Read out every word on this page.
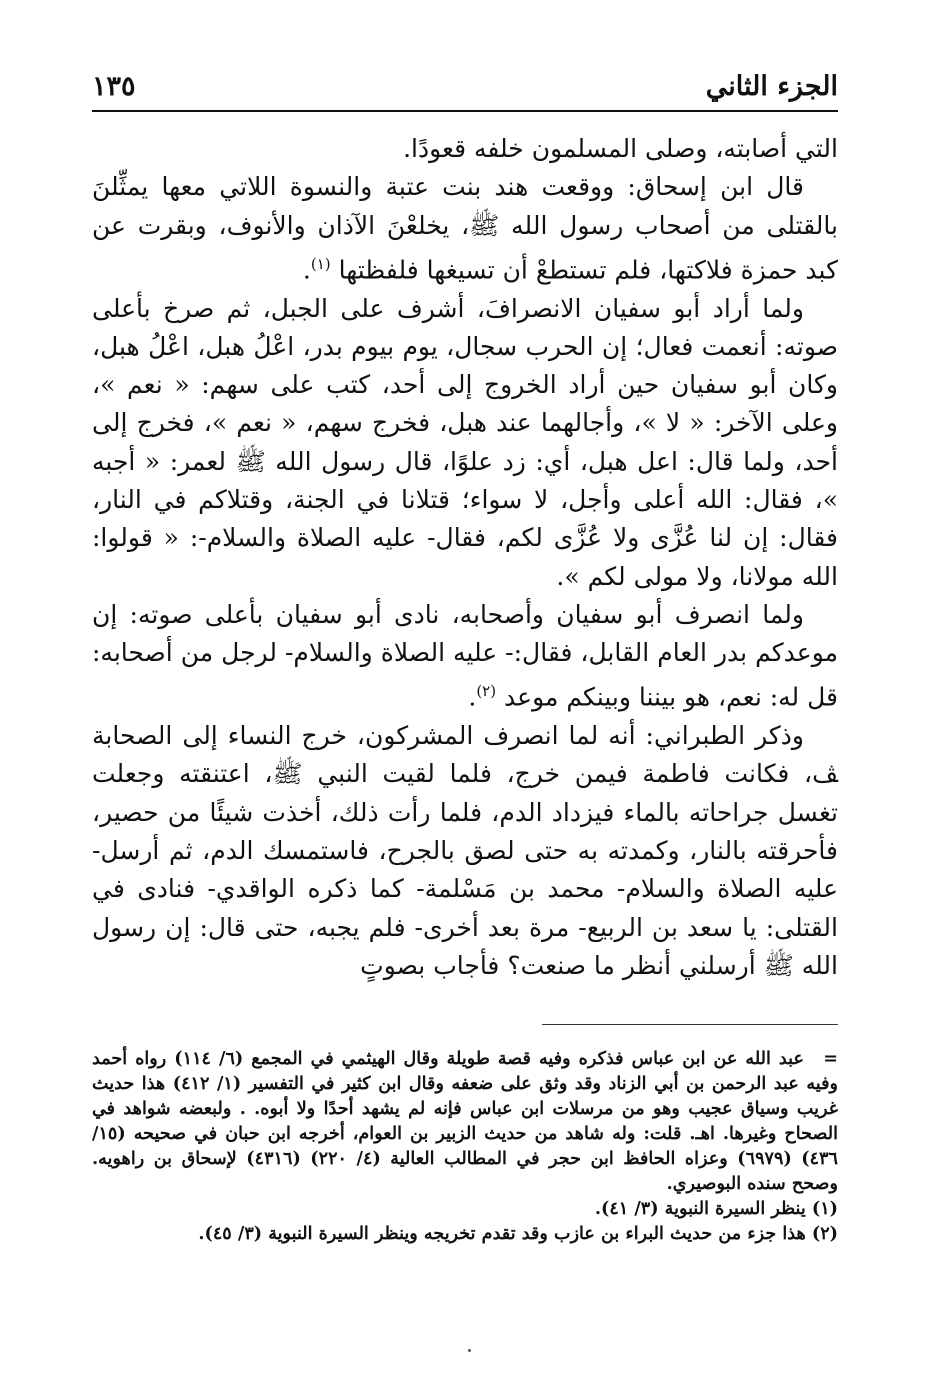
الجزء الثاني
١٣٥

التي أصابته، وصلى المسلمون خلفه قعودًا.

قال ابن إسحاق: ووقعت هند بنت عتبة والنسوة اللاتي معها يمثِّلنَ بالقتلى من أصحاب رسول الله ﷺ، يخلعْنَ الآذان والأنوف، وبقرت عن كبد حمزة فلاكتها، فلم تستطعْ أن تسيغها فلفظتها $^{(١)}$.

ولما أراد أبو سفيان الانصرافَ، أشرف على الجبل، ثم صرخ بأعلى صوته: أنعمت فعال؛ إن الحرب سجال، يوم بيوم بدر، اعْلُ هبل، اعْلُ هبل، وكان أبو سفيان حين أراد الخروج إلى أحد، كتب على سهم: « نعم »، وعلى الآخر: « لا »، وأجالهما عند هبل، فخرج سهم، « نعم »، فخرج إلى أحد، ولما قال: اعل هبل، أي: زد علوًا، قال رسول الله ﷺ لعمر: « أجبه »، فقال: الله أعلى وأجل، لا سواء؛ قتلانا في الجنة، وقتلاكم في النار، فقال: إن لنا عُزَّى ولا عُزَّى لكم، فقال- عليه الصلاة والسلام-: « قولوا: الله مولانا، ولا مولى لكم ».

ولما انصرف أبو سفيان وأصحابه، نادى أبو سفيان بأعلى صوته: إن موعدكم بدر العام القابل، فقال:- عليه الصلاة والسلام- لرجل من أصحابه: قل له: نعم، هو بيننا وبينكم موعد $^{(٢)}$.

وذكر الطبراني: أنه لما انصرف المشركون، خرج النساء إلى الصحابة ﭫ، فكانت فاطمة فيمن خرج، فلما لقيت النبي ﷺ، اعتنقته وجعلت تغسل جراحاته بالماء فيزداد الدم، فلما رأت ذلك، أخذت شيئًا من حصير، فأحرقته بالنار، وكمدته به حتى لصق بالجرح، فاستمسك الدم، ثم أرسل- عليه الصلاة والسلام- محمد بن مَسْلمة- كما ذكره الواقدي- فنادى في القتلى: يا سعد بن الربيع- مرة بعد أخرى- فلم يجبه، حتى قال: إن رسول الله ﷺ أرسلني أنظر ما صنعت؟ فأجاب بصوتٍ

= عبد الله عن ابن عباس فذكره وفيه قصة طويلة وقال الهيثمي في المجمع (٦/ ١١٤) رواه أحمد وفيه عبد الرحمن بن أبي الزناد وقد وثق على ضعفه وقال ابن كثير في التفسير (١/ ٤١٢) هذا حديث غريب وسياق عجيب وهو من مرسلات ابن عباس فإنه لم يشهد أحدًا ولا أبوه. . ولبعضه شواهد في الصحاح وغيرها. اهـ. قلت: وله شاهد من حديث الزبير بن العوام، أخرجه ابن حبان في صحيحه (١٥/ ٤٣٦) (٦٩٧٩) وعزاه الحافظ ابن حجر في المطالب العالية (٤/ ٢٢٠) (٤٣١٦) لإسحاق بن راهويه. وصحح سنده البوصيري.

(١) ينظر السيرة النبوية (٣/ ٤١).

(٢) هذا جزء من حديث البراء بن عازب وقد تقدم تخريجه وينظر السيرة النبوية (٣/ ٤٥).
